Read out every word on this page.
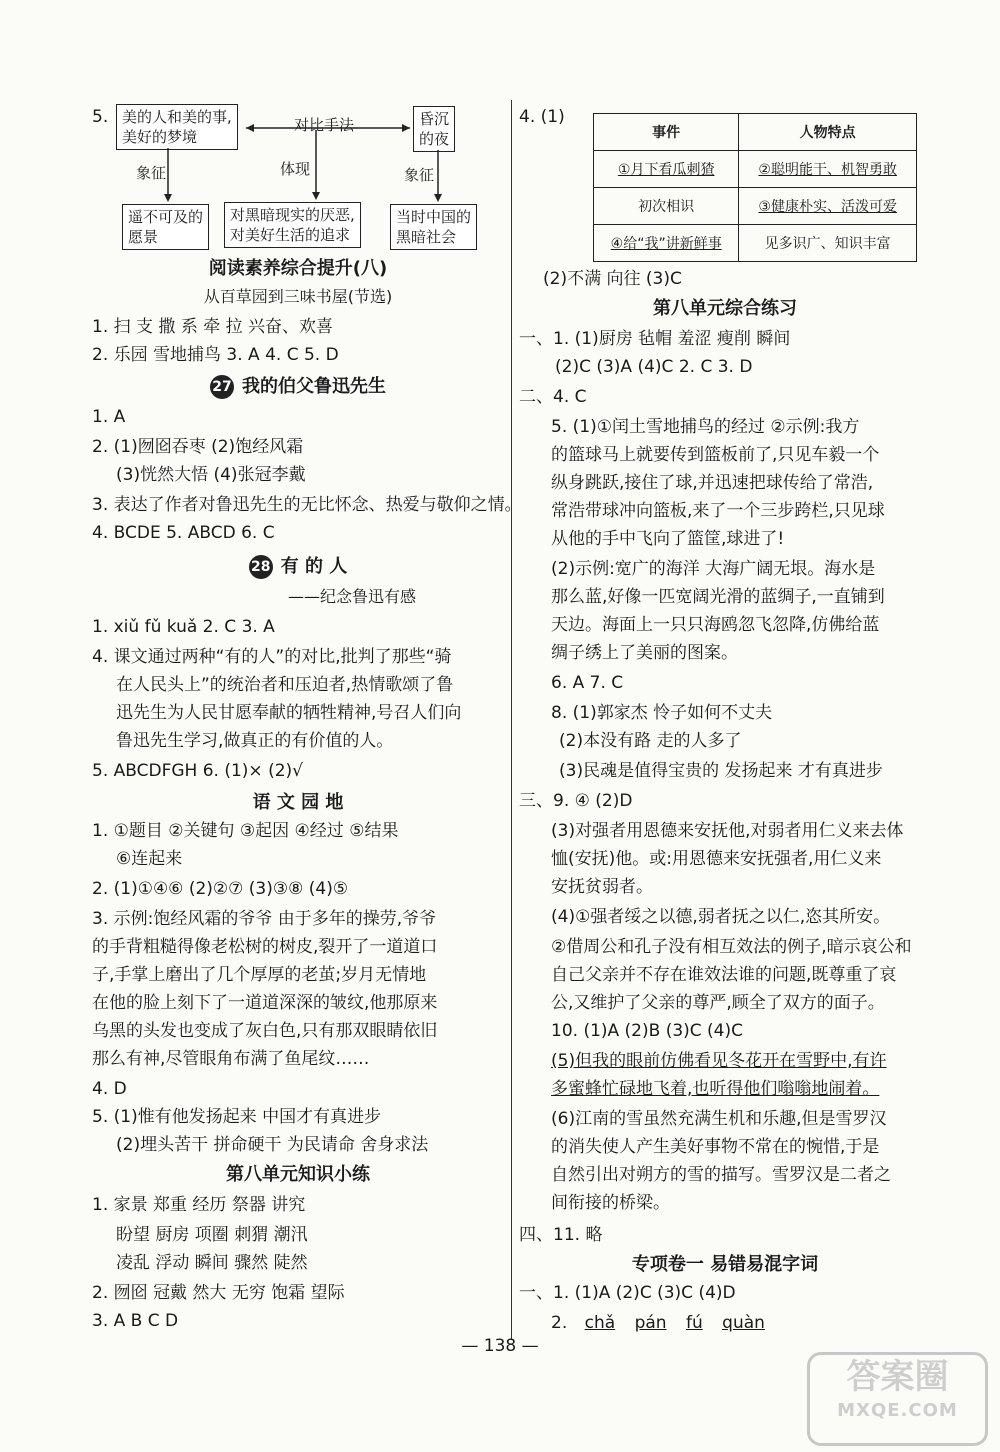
5. 美的人和美的事,
美好的梦境
对比手法	昏沉
的夜
象征	体现	象征
遥不可及的
愿景
对黑暗现实的厌恶,
对美好生活的追求
当时中国的
黑暗社会
阅读素养综合提升(八)
从百草园到三味书屋(节选)
1. 扫 支 撒 系 牵 拉 兴奋、欢喜
2. 乐园 雪地捕鸟 3. A 4. C 5. D
27 我的伯父鲁迅先生
1. A
2. (1)囫囵吞枣 (2)饱经风霜
(3)恍然大悟 (4)张冠李戴
3. 表达了作者对鲁迅先生的无比怀念、热爱与敬仰之情。
4. BCDE 5. ABCD 6. C
28 有 的 人
——纪念鲁迅有感
1. xiǔ fǔ kuǎ 2. C 3. A
4. 课文通过两种“有的人”的对比,批判了那些“骑
在人民头上”的统治者和压迫者,热情歌颂了鲁
迅先生为人民甘愿奉献的牺牲精神,号召人们向
鲁迅先生学习,做真正的有价值的人。
5. ABCDFGH 6. (1)× (2)√
语 文 园 地
1. ①题目 ②关键句 ③起因 ④经过 ⑤结果
⑥连起来
2. (1)①④⑥ (2)②⑦ (3)③⑧ (4)⑤
3. 示例:饱经风霜的爷爷 由于多年的操劳,爷爷
的手背粗糙得像老松树的树皮,裂开了一道道口
子,手掌上磨出了几个厚厚的老茧;岁月无情地
在他的脸上刻下了一道道深深的皱纹,他那原来
乌黑的头发也变成了灰白色,只有那双眼睛依旧
那么有神,尽管眼角布满了鱼尾纹……
4. D
5. (1)惟有他发扬起来 中国才有真进步
(2)埋头苦干 拼命硬干 为民请命 舍身求法
第八单元知识小练
1. 家景 郑重 经历 祭器 讲究
盼望 厨房 项圈 刺猬 潮汛
凌乱 浮动 瞬间 骤然 陡然
2. 囫囵 冠戴 然大 无穷 饱霜 望际
3. A B C D
4. (1)
事件	人物特点
①月下看瓜刺猹	②聪明能干、机智勇敢
初次相识	③健康朴实、活泼可爱
④给“我”讲新鲜事	见多识广、知识丰富
(2)不满 向往 (3)C
第八单元综合练习
一、1. (1)厨房 毡帽 羞涩 瘦削 瞬间
(2)C (3)A (4)C 2. C 3. D
二、4. C
5. (1)①闰土雪地捕鸟的经过 ②示例:我方
的篮球马上就要传到篮板前了,只见车毅一个
纵身跳跃,接住了球,并迅速把球传给了常浩,
常浩带球冲向篮板,来了一个三步跨栏,只见球
从他的手中飞向了篮筐,球进了!
(2)示例:宽广的海洋 大海广阔无垠。海水是
那么蓝,好像一匹宽阔光滑的蓝绸子,一直铺到
天边。海面上一只只海鸥忽飞忽降,仿佛给蓝
绸子绣上了美丽的图案。
6. A 7. C
8. (1)郭家杰 怜子如何不丈夫
(2)本没有路 走的人多了
(3)民魂是值得宝贵的 发扬起来 才有真进步
三、9. ④ (2)D
(3)对强者用恩德来安抚他,对弱者用仁义来去体
恤(安抚)他。或:用恩德来安抚强者,用仁义来
安抚贫弱者。
(4)①强者绥之以德,弱者抚之以仁,恣其所安。
②借周公和孔子没有相互效法的例子,暗示哀公和
自己父亲并不存在谁效法谁的问题,既尊重了哀
公,又维护了父亲的尊严,顾全了双方的面子。
10. (1)A (2)B (3)C (4)C
(5)但我的眼前仿佛看见冬花开在雪野中,有许
多蜜蜂忙碌地飞着,也听得他们嗡嗡地闹着。
(6)江南的雪虽然充满生机和乐趣,但是雪罗汉
的消失使人产生美好事物不常在的惋惜,于是
自然引出对朔方的雪的描写。雪罗汉是二者之
间衔接的桥梁。
四、11. 略
专项卷一 易错易混字词
一、1. (1)A (2)C (3)C (4)D
2. chǎ pán fú quàn
— 138 —
答案圈
MXQE.COM
